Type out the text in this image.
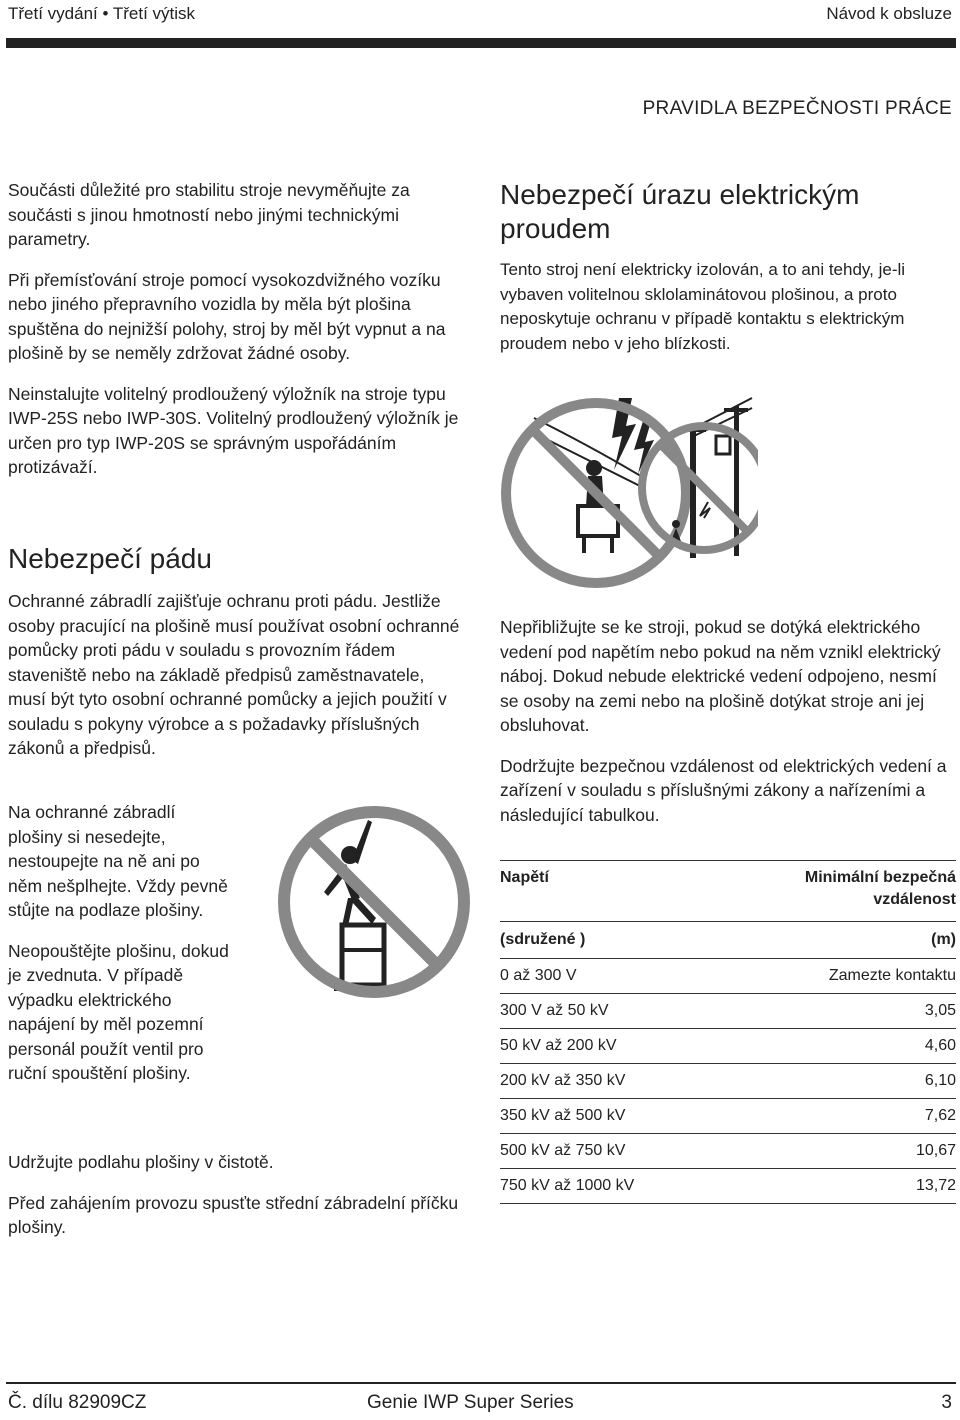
Třetí vydání • Třetí výtisk	Návod k obsluze
PRAVIDLA BEZPEČNOSTI PRÁCE

Součásti důležité pro stabilitu stroje nevyměňujte za součásti s jinou hmotností nebo jinými technickými parametry.

Při přemísťování stroje pomocí vysokozdvižného vozíku nebo jiného přepravního vozidla by měla být plošina spuštěna do nejnižší polohy, stroj by měl být vypnut a na plošině by se neměly zdržovat žádné osoby.

Neinstalujte volitelný prodloužený výložník na stroje typu IWP-25S nebo IWP-30S. Volitelný prodloužený výložník je určen pro typ IWP-20S se správným uspořádáním protizávaží.

Nebezpečí pádu

Ochranné zábradlí zajišťuje ochranu proti pádu. Jestliže osoby pracující na plošině musí používat osobní ochranné pomůcky proti pádu v souladu s provozním řádem staveniště nebo na základě předpisů zaměstnavatele, musí být tyto osobní ochranné pomůcky a jejich použití v souladu s pokyny výrobce a s požadavky příslušných zákonů a předpisů.

Na ochranné zábradlí plošiny si nesedejte, nestoupejte na ně ani po něm nešplhejte. Vždy pevně stůjte na podlaze plošiny.

Neopouštějte plošinu, dokud je zvednuta. V případě výpadku elektrického napájení by měl pozemní personál použít ventil pro ruční spouštění plošiny.

Udržujte podlahu plošiny v čistotě.

Před zahájením provozu spusťte střední zábradelní příčku plošiny.

Nebezpečí úrazu elektrickým proudem
Tento stroj není elektricky izolován, a to ani tehdy, je-li vybaven volitelnou sklolaminátovou plošinou, a proto neposkytuje ochranu v případě kontaktu s elektrickým proudem nebo v jeho blízkosti.

Nepřibližujte se ke stroji, pokud se dotýká elektrického vedení pod napětím nebo pokud na něm vznikl elektrický náboj. Dokud nebude elektrické vedení odpojeno, nesmí se osoby na zemi nebo na plošině dotýkat stroje ani jej obsluhovat.

Dodržujte bezpečnou vzdálenost od elektrických vedení a zařízení v souladu s příslušnými zákony a nařízeními a následující tabulkou.

Napětí	Minimální bezpečná vzdálenost
(sdružené )	(m)
0 až 300 V	Zamezte kontaktu
300 V až 50 kV	3,05
50 kV až 200 kV	4,60
200 kV až 350 kV	6,10
350 kV až 500 kV	7,62
500 kV až 750 kV	10,67
750 kV až 1000 kV	13,72
Č. dílu 82909CZ	Genie IWP Super Series	3
